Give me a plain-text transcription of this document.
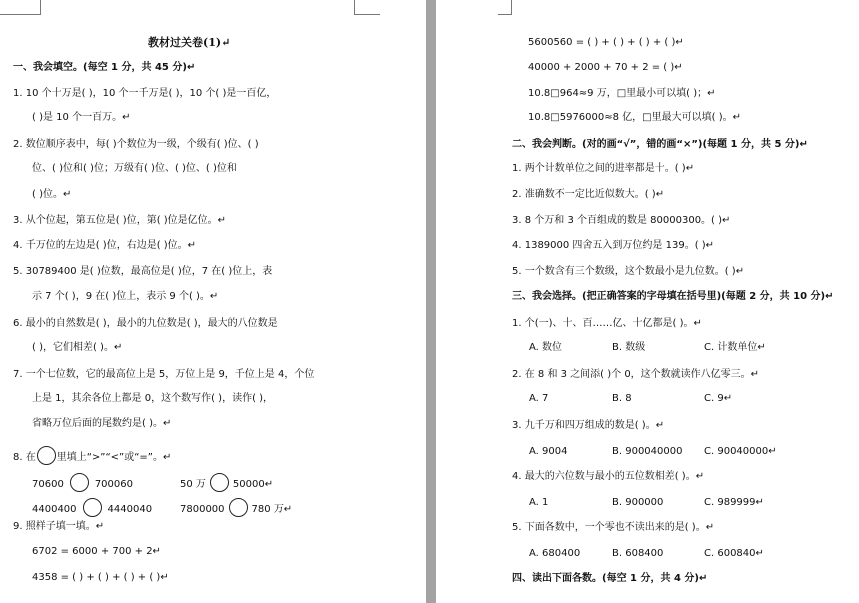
教材过关卷(1)↵
一、我会填空。(每空 1 分，共 45 分)↵
1. 10 个十万是( )，10 个一千万是( )，10 个( )是一百亿，
( )是 10 个一百万。↵
2. 数位顺序表中，每( )个数位为一级，个级有( )位、( )
位、( )位和( )位；万级有( )位、( )位、( )位和
( )位。↵
3. 从个位起，第五位是( )位，第( )位是亿位。↵
4. 千万位的左边是( )位，右边是( )位。↵
5. 30789400 是( )位数，最高位是( )位，7 在( )位上，表
示 7 个( )，9 在( )位上，表示 9 个( )。↵
6. 最小的自然数是( )，最小的九位数是( )，最大的八位数是
( )，它们相差( )。↵
7. 一个七位数，它的最高位上是 5，万位上是 9，千位上是 4，个位
上是 1，其余各位上都是 0，这个数写作( )，读作( )，
省略万位后面的尾数约是( )。↵
8. 在 里填上“>”“<”或“=”。↵
70600	700060	50 万	50000↵
4400400	4440040	7800000	780 万↵
9. 照样子填一填。↵
6702 = 6000 + 700 + 2↵
4358 = ( ) + ( ) + ( ) + ( )↵
5600560 = ( ) + ( ) + ( ) + ( )↵
40000 + 2000 + 70 + 2 = ( )↵
10.8□964≈9 万，□里最小可以填( )；↵
10.8□5976000≈8 亿，□里最大可以填( )。↵
二、我会判断。(对的画“√”，错的画“×”)(每题 1 分，共 5 分)↵
1. 两个计数单位之间的进率都是十。( )↵
2. 准确数不一定比近似数大。( )↵
3. 8 个万和 3 个百组成的数是 80000300。( )↵
4. 1389000 四舍五入到万位约是 139。( )↵
5. 一个数含有三个数级，这个数最小是九位数。( )↵
三、我会选择。(把正确答案的字母填在括号里)(每题 2 分，共 10 分)↵
1. 个(一)、十、百……亿、十亿都是( )。↵
A. 数位	B. 数级	C. 计数单位↵
2. 在 8 和 3 之间添( )个 0，这个数就读作八亿零三。↵
A. 7	B. 8	C. 9↵
3. 九千万和四万组成的数是( )。↵
A. 9004	B. 900040000 C. 90040000↵
4. 最大的六位数与最小的五位数相差( )。↵
A. 1	B. 900000	C. 989999↵
5. 下面各数中，一个零也不读出来的是( )。↵
A. 680400	B. 608400	C. 600840↵
四、读出下面各数。(每空 1 分，共 4 分)↵
